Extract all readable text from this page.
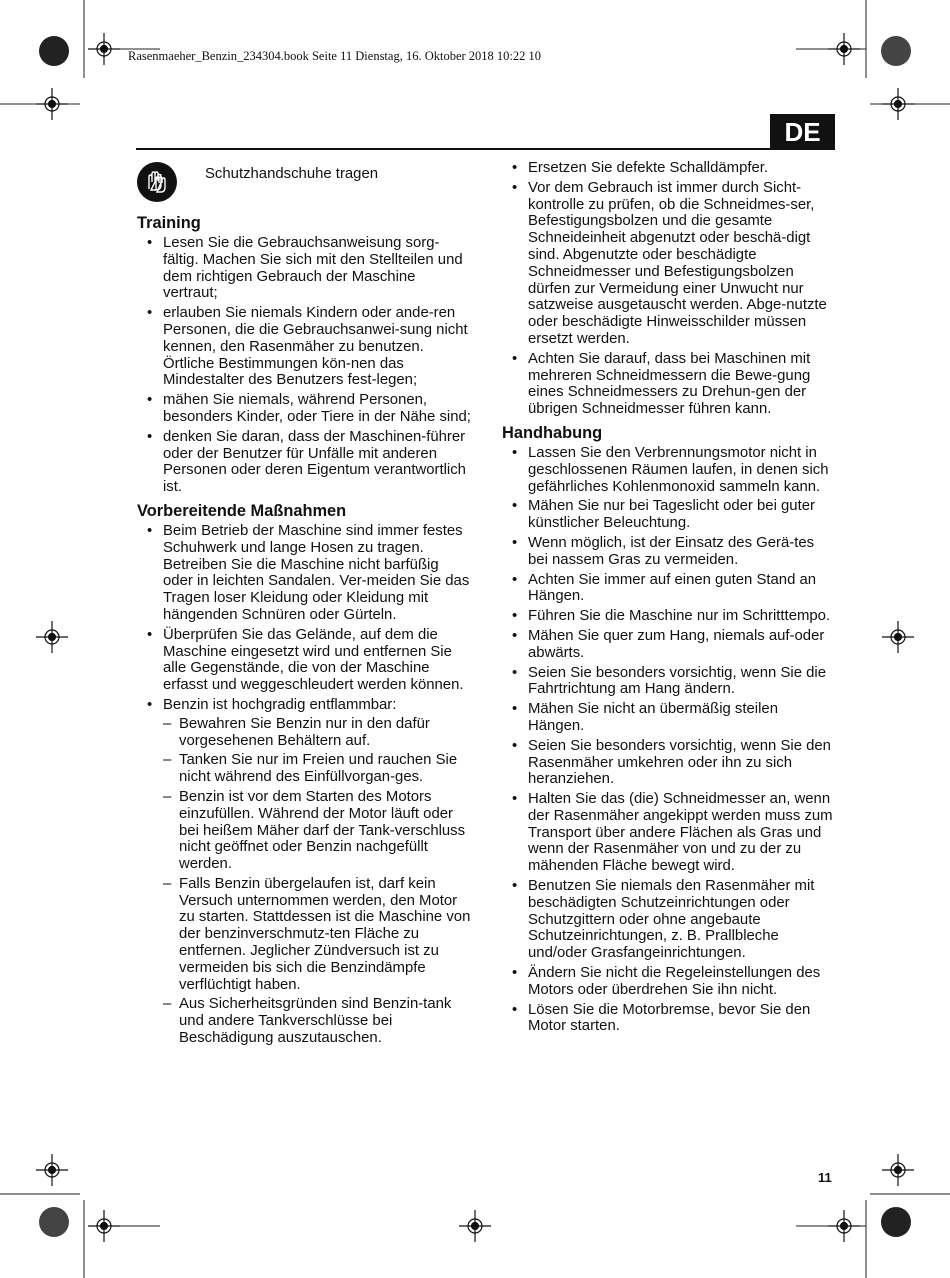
Rasenmaeher_Benzin_234304.book Seite 11 Dienstag, 16. Oktober 2018 10:22 10
DE
Schutzhandschuhe tragen
Training
• Lesen Sie die Gebrauchsanweisung sorg-fältig. Machen Sie sich mit den Stellteilen und dem richtigen Gebrauch der Maschine vertraut;
• erlauben Sie niemals Kindern oder ande-ren Personen, die die Gebrauchsanwei-sung nicht kennen, den Rasenmäher zu benutzen. Örtliche Bestimmungen kön-nen das Mindestalter des Benutzers fest-legen;
• mähen Sie niemals, während Personen, besonders Kinder, oder Tiere in der Nähe sind;
• denken Sie daran, dass der Maschinen-führer oder der Benutzer für Unfälle mit anderen Personen oder deren Eigentum verantwortlich ist.
Vorbereitende Maßnahmen
• Beim Betrieb der Maschine sind immer festes Schuhwerk und lange Hosen zu tragen. Betreiben Sie die Maschine nicht barfüßig oder in leichten Sandalen. Ver-meiden Sie das Tragen loser Kleidung oder Kleidung mit hängenden Schnüren oder Gürteln.
• Überprüfen Sie das Gelände, auf dem die Maschine eingesetzt wird und entfernen Sie alle Gegenstände, die von der Maschine erfasst und weggeschleudert werden können.
• Benzin ist hochgradig entflammbar:
– Bewahren Sie Benzin nur in den dafür vorgesehenen Behältern auf.
– Tanken Sie nur im Freien und rauchen Sie nicht während des Einfüllvorgan-ges.
– Benzin ist vor dem Starten des Motors einzufüllen. Während der Motor läuft oder bei heißem Mäher darf der Tank-verschluss nicht geöffnet oder Benzin nachgefüllt werden.
– Falls Benzin übergelaufen ist, darf kein Versuch unternommen werden, den Motor zu starten. Stattdessen ist die Maschine von der benzinverschmutz-ten Fläche zu entfernen. Jeglicher Zündversuch ist zu vermeiden bis sich die Benzindämpfe verflüchtigt haben.
– Aus Sicherheitsgründen sind Benzin-tank und andere Tankverschlüsse bei Beschädigung auszutauschen.
• Ersetzen Sie defekte Schalldämpfer.
• Vor dem Gebrauch ist immer durch Sicht-kontrolle zu prüfen, ob die Schneidmes-ser, Befestigungsbolzen und die gesamte Schneideinheit abgenutzt oder beschä-digt sind. Abgenutzte oder beschädigte Schneidmesser und Befestigungsbolzen dürfen zur Vermeidung einer Unwucht nur satzweise ausgetauscht werden. Abge-nutzte oder beschädigte Hinweisschilder müssen ersetzt werden.
• Achten Sie darauf, dass bei Maschinen mit mehreren Schneidmessern die Bewe-gung eines Schneidmessers zu Drehun-gen der übrigen Schneidmesser führen kann.
Handhabung
• Lassen Sie den Verbrennungsmotor nicht in geschlossenen Räumen laufen, in denen sich gefährliches Kohlenmonoxid sammeln kann.
• Mähen Sie nur bei Tageslicht oder bei guter künstlicher Beleuchtung.
• Wenn möglich, ist der Einsatz des Gerä-tes bei nassem Gras zu vermeiden.
• Achten Sie immer auf einen guten Stand an Hängen.
• Führen Sie die Maschine nur im Schritttempo.
• Mähen Sie quer zum Hang, niemals auf-oder abwärts.
• Seien Sie besonders vorsichtig, wenn Sie die Fahrtrichtung am Hang ändern.
• Mähen Sie nicht an übermäßig steilen Hängen.
• Seien Sie besonders vorsichtig, wenn Sie den Rasenmäher umkehren oder ihn zu sich heranziehen.
• Halten Sie das (die) Schneidmesser an, wenn der Rasenmäher angekippt werden muss zum Transport über andere Flächen als Gras und wenn der Rasenmäher von und zu der zu mähenden Fläche bewegt wird.
• Benutzen Sie niemals den Rasenmäher mit beschädigten Schutzeinrichtungen oder Schutzgittern oder ohne angebaute Schutzeinrichtungen, z. B. Prallbleche und/oder Grasfangeinrichtungen.
• Ändern Sie nicht die Regeleinstellungen des Motors oder überdrehen Sie ihn nicht.
• Lösen Sie die Motorbremse, bevor Sie den Motor starten.
11
